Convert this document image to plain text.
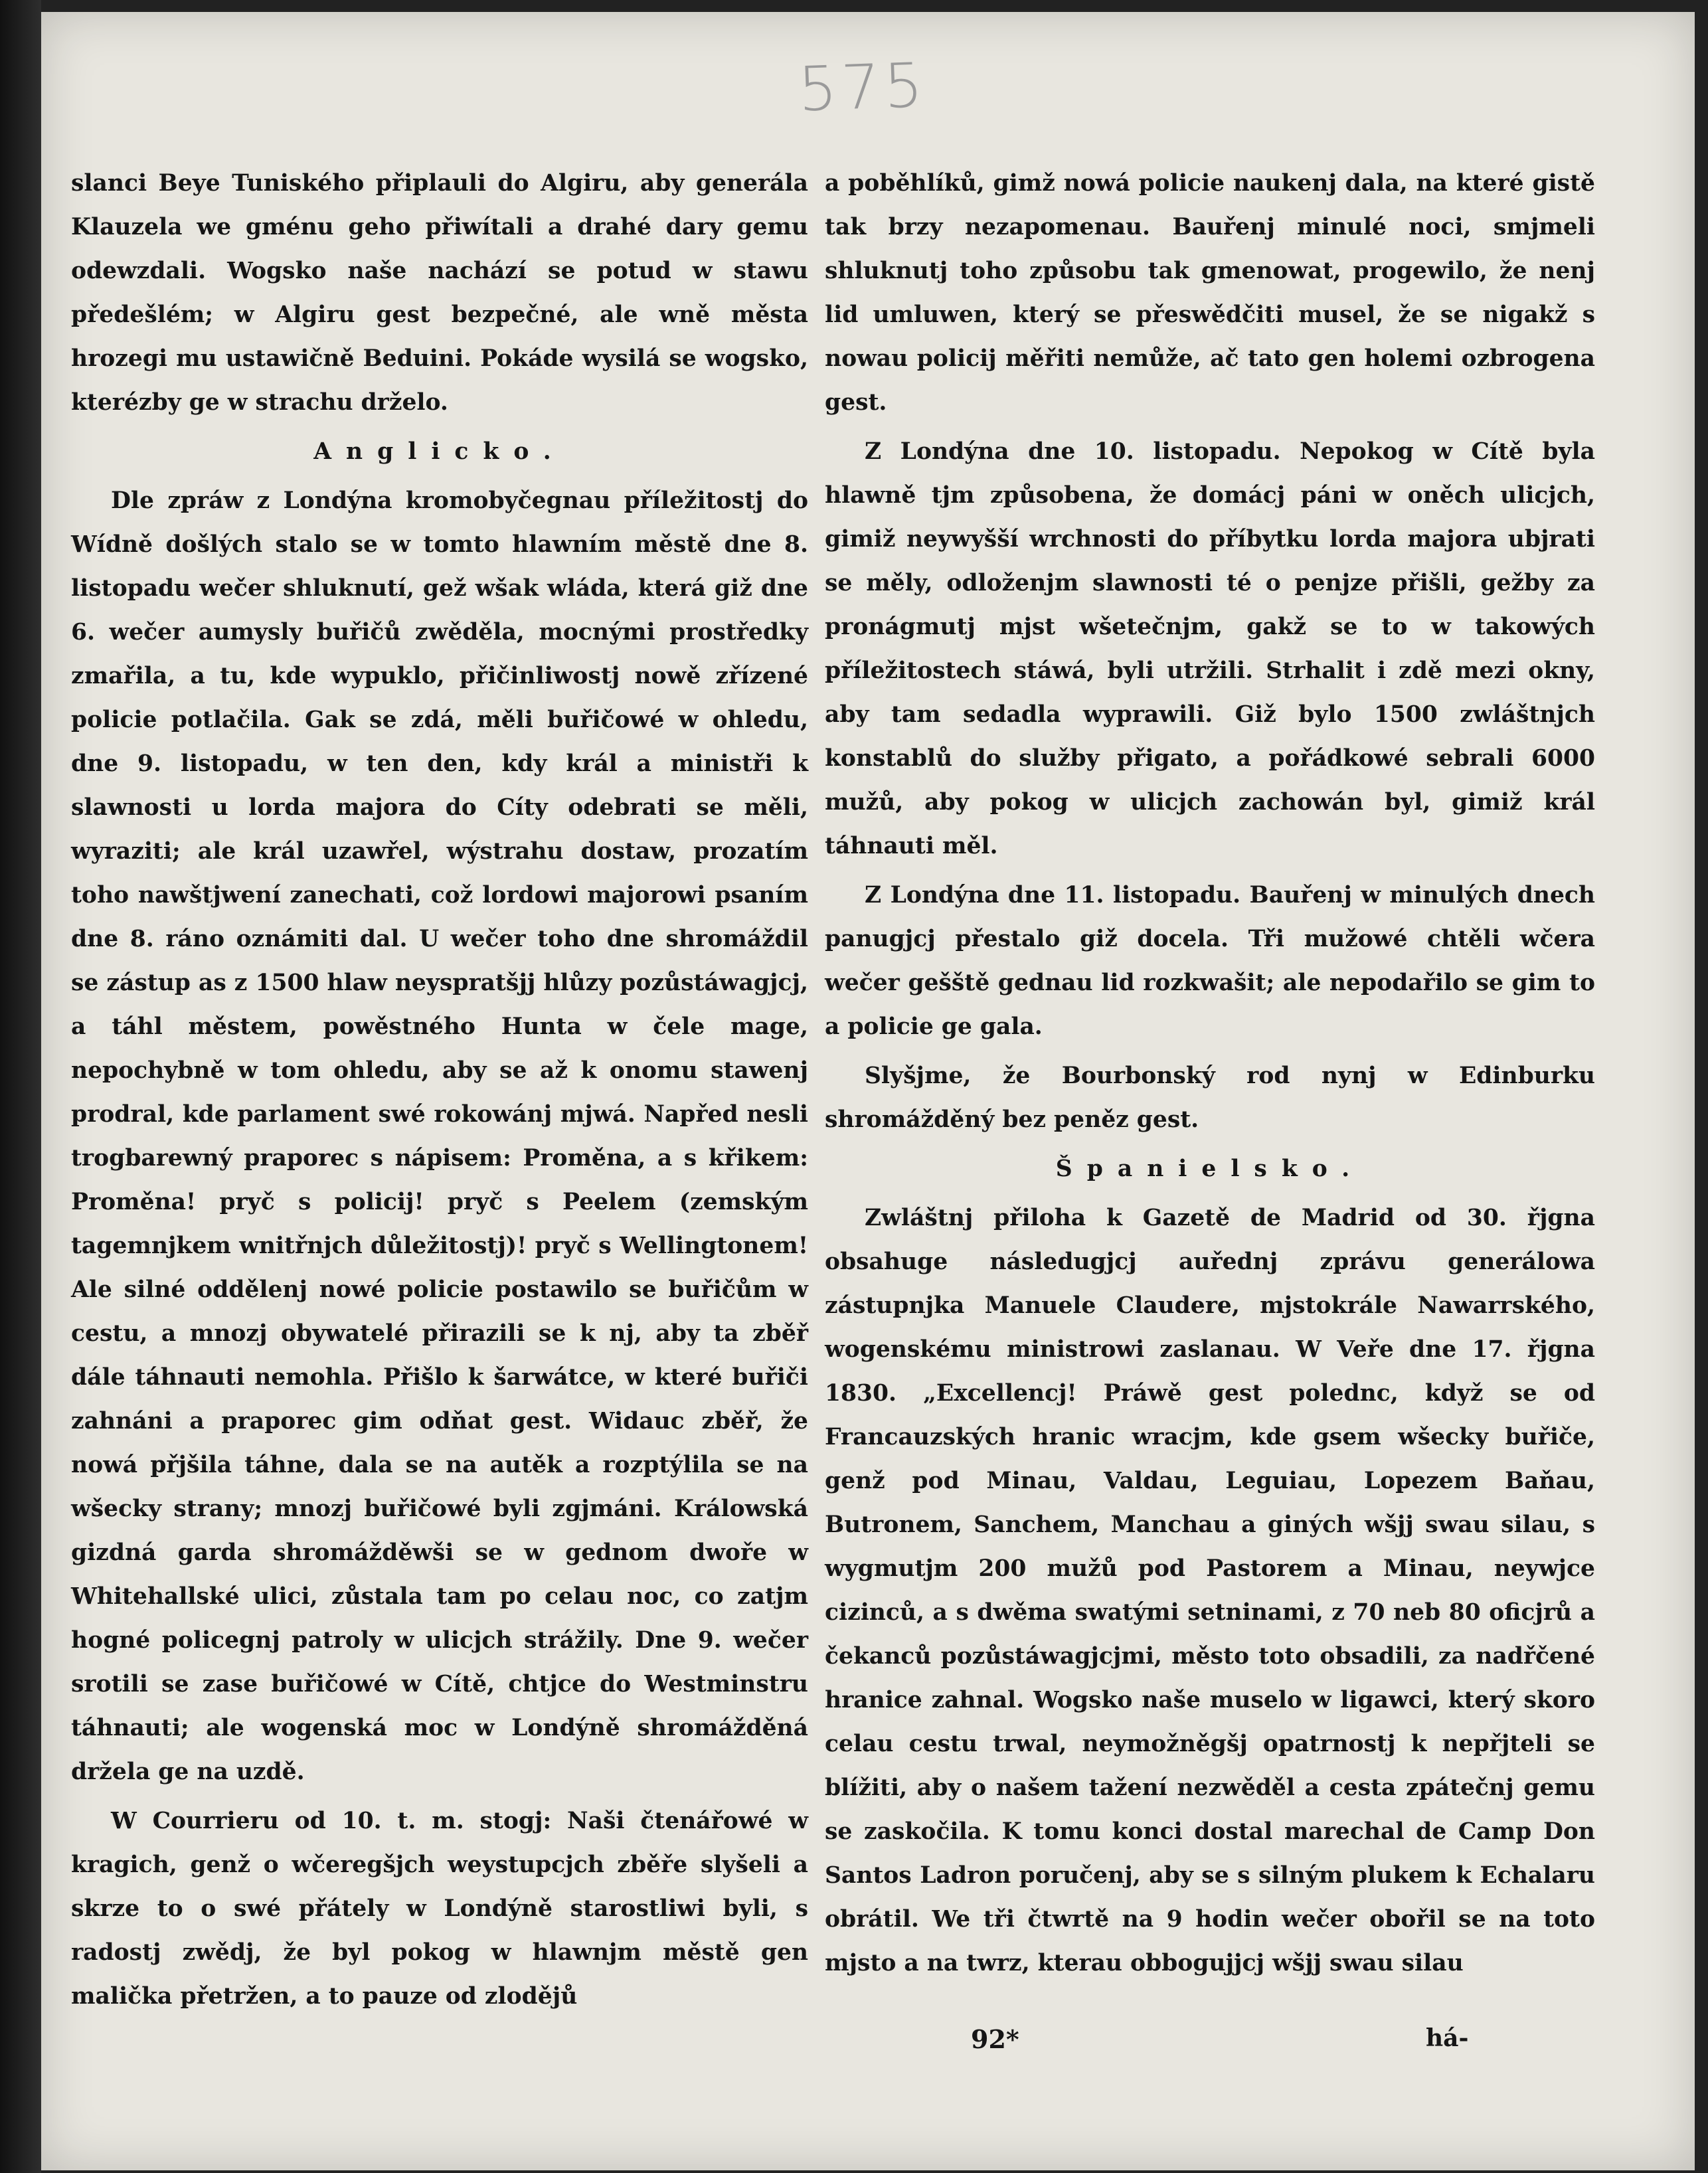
575

slanci Beye Tuniského připlauli do Algiru, aby generála Klauzela we gménu geho přiwítali a drahé dary gemu odewzdali. Wogsko naše nachází se potud w stawu předešlém; w Algiru gest bezpečné, ale wně města hrozegi mu ustawičně Beduini. Pokáde wysilá se wogsko, kterézby ge w strachu drželo.

Anglicko.

Dle zpráw z Londýna kromobyčegnau příležitostj do Wídně došlých stalo se w tomto hlawním městě dne 8. listopadu wečer shluknutí, gež wšak wláda, která giž dne 6. wečer aumysly buřičů zwěděla, mocnými prostředky zmařila, a tu, kde wypuklo, přičinliwostj nowě zřízené policie potlačila. Gak se zdá, měli buřičowé w ohledu, dne 9. listopadu, w ten den, kdy král a ministři k slawnosti u lorda majora do Cíty odebrati se měli, wyraziti; ale král uzawřel, wýstrahu dostaw, prozatím toho nawštjwení zanechati, což lordowi majorowi psaním dne 8. ráno oznámiti dal. U wečer toho dne shromáždil se zástup as z 1500 hlaw neyspratšjj hlůzy pozůstáwagjcj, a táhl městem, powěstného Hunta w čele mage, nepochybně w tom ohledu, aby se až k onomu stawenj prodral, kde parlament swé rokowánj mjwá. Napřed nesli trogbarewný praporec s nápisem: Proměna, a s křikem: Proměna! pryč s policij! pryč s Peelem (zemským tagemnjkem wnitřnjch důležitostj)! pryč s Wellingtonem! Ale silné oddělenj nowé policie postawilo se buřičům w cestu, a mnozj obywatelé přirazili se k nj, aby ta zběř dále táhnauti nemohla. Přišlo k šarwátce, w které buřiči zahnáni a praporec gim odňat gest. Widauc zběř, že nowá přjšila táhne, dala se na autěk a rozptýlila se na wšecky strany; mnozj buřičowé byli zgjmáni. Králowská gizdná garda shromážděwši se w gednom dwoře w Whitehallské ulici, zůstala tam po celau noc, co zatjm hogné policegnj patroly w ulicjch strážily. Dne 9. wečer srotili se zase buřičowé w Cítě, chtjce do Westminstru táhnauti; ale wogenská moc w Londýně shromážděná držela ge na uzdě.

W Courrieru od 10. t. m. stogj: Naši čtenářowé w kragich, genž o wčeregšjch weystupcjch zběře slyšeli a skrze to o swé přátely w Londýně starostliwi byli, s radostj zwědj, že byl pokog w hlawnjm městě gen malička přetržen, a to pauze od zlodějů

a poběhlíků, gimž nowá policie naukenj dala, na které gistě tak brzy nezapomenau. Bauřenj minulé noci, smjmeli shluknutj toho způsobu tak gmenowat, progewilo, že nenj lid umluwen, který se přeswědčiti musel, že se nigakž s nowau policij měřiti nemůže, ač tato gen holemi ozbrogena gest.

Z Londýna dne 10. listopadu. Nepokog w Cítě byla hlawně tjm způsobena, že domácj páni w oněch ulicjch, gimiž neywyšší wrchnosti do příbytku lorda majora ubjrati se měly, odloženjm slawnosti té o penjze přišli, gežby za pronágmutj mjst wšetečnjm, gakž se to w takowých příležitostech stáwá, byli utržili. Strhalit i zdě mezi okny, aby tam sedadla wyprawili. Giž bylo 1500 zwláštnjch konstablů do služby přigato, a pořádkowé sebrali 6000 mužů, aby pokog w ulicjch zachowán byl, gimiž král táhnauti měl.

Z Londýna dne 11. listopadu. Bauřenj w minulých dnech panugjcj přestalo giž docela. Tři mužowé chtěli wčera wečer gešště gednau lid rozkwašit; ale nepodařilo se gim to a policie ge gala.

Slyšjme, že Bourbonský rod nynj w Edinburku shromážděný bez peněz gest.

Španielsko.

Zwláštnj přiloha k Gazetě de Madrid od 30. řjgna obsahuge následugjcj auřednj zprávu generálowa zástupnjka Manuele Claudere, mjstokrále Nawarrského, wogenskému ministrowi zaslanau. W Veře dne 17. řjgna 1830. „Excellencj! Práwě gest polednc, když se od Francauzských hranic wracjm, kde gsem wšecky buřiče, genž pod Minau, Valdau, Leguiau, Lopezem Baňau, Butronem, Sanchem, Manchau a giných wšjj swau silau, s wygmutjm 200 mužů pod Pastorem a Minau, neywjce cizinců, a s dwěma swatými setninami, z 70 neb 80 oficjrů a čekanců pozůstáwagjcjmi, město toto obsadili, za nadřčené hranice zahnal. Wogsko naše muselo w ligawci, který skoro celau cestu trwal, neymožněgšj opatrnostj k nepřjteli se blížiti, aby o našem tažení nezwěděl a cesta zpátečnj gemu se zaskočila. K tomu konci dostal marechal de Camp Don Santos Ladron poručenj, aby se s silným plukem k Echalaru obrátil. We tři čtwrtě na 9 hodin wečer obořil se na toto mjsto a na twrz, kterau obbogujjcj wšjj swau silau

92*	há-
